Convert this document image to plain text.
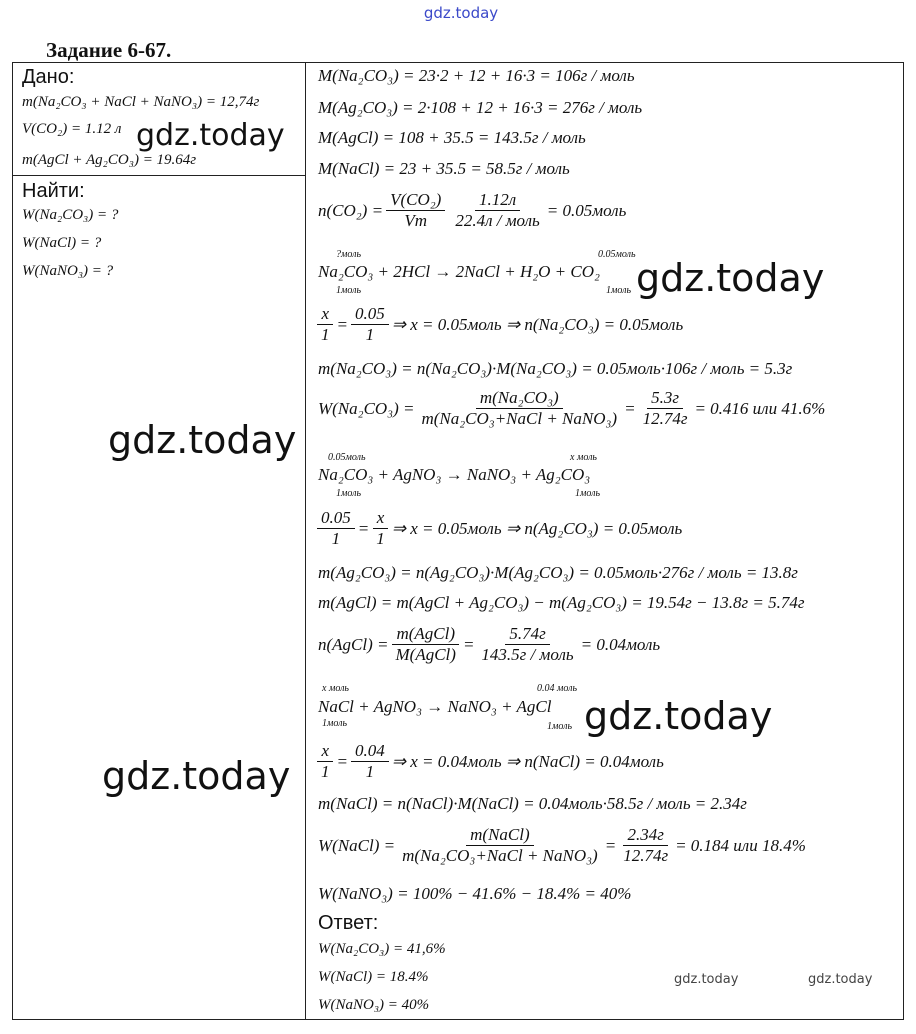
gdz.today
Задание 6-67.
Дано:
m(Na₂CO₃ + NaCl + NaNO₃) = 12,74г
V(CO₂) = 1.12 л
m(AgCl + Ag₂CO₃) = 19.64г
Найти:
W(Na₂CO₃) = ?
W(NaCl) = ?
W(NaNO₃) = ?
M(Na₂CO₃) = 23·2 + 12 + 16·3 = 106г / моль
M(Ag₂CO₃) = 2·108 + 12 + 16·3 = 276г / моль
M(AgCl) = 108 + 35.5 = 143.5г / моль
M(NaCl) = 23 + 35.5 = 58.5г / моль
$n(CO_2) = \frac{\text{V(CO₂)}}{Vm} \frac{1.12л}{\text{22.4л / моль}}$ = 0.05моль
?моль
1моль
0.05моль
1моль
Na₂CO₃ + 2HCl → 2NaCl + H₂O + CO₂
$\frac{x}{1} = \frac{0.05}{1}$ ⇒ x = 0.05моль ⇒ n(Na₂CO₃) = 0.05моль
m(Na₂CO₃) = n(Na₂CO₃)·M(Na₂CO₃) = 0.05моль·106г / моль = 5.3г
$W(Na_2CO_3) = \frac{\text{m(Na₂CO₃)}}{\text{m(Na₂CO₃+NaCl + NaNO₃)}} = \frac{5.3г}{12.74г} = 0.416$ или 41.6%
0.05моль
1моль
x моль
1моль
Na₂CO₃ + AgNO₃ → NaNO₃ + Ag₂CO₃
$\frac{0.05}{1} = \frac{x}{1}$ ⇒ x = 0.05моль ⇒ n(Ag₂CO₃) = 0.05моль
m(Ag₂CO₃) = n(Ag₂CO₃)·M(Ag₂CO₃) = 0.05моль·276г / моль = 13.8г
m(AgCl) = m(AgCl + Ag₂CO₃) − m(Ag₂CO₃) = 19.54г − 13.8г = 5.74г
n(AgCl) = $\frac{\text{m(AgCl)}}{\text{M(AgCl)}} = \frac{5.74г}{\text{143.5г / моль}}$ = 0.04моль
x моль
1моль
0.04 моль
1моль
NaCl + AgNO₃ → NaNO₃ + AgCl
$\frac{x}{1} = \frac{0.04}{1}$ ⇒ x = 0.04моль ⇒ n(NaCl) = 0.04моль
m(NaCl) = n(NaCl)·M(NaCl) = 0.04моль·58.5г / моль = 2.34г
W(NaCl) = $\frac{\text{m(NaCl)}}{\text{m(Na₂CO₃+NaCl + NaNO₃)}} = \frac{2.34г}{12.74г} = 0.184$ или 18.4%
W(NaNO₃) = 100% − 41.6% − 18.4% = 40%
Ответ:
W(Na₂CO₃) = 41,6%
W(NaCl) = 18.4%
W(NaNO₃) = 40%
gdz.today
gdz.today
gdz.today
gdz.today
gdz.today
gdz.today	gdz.today
